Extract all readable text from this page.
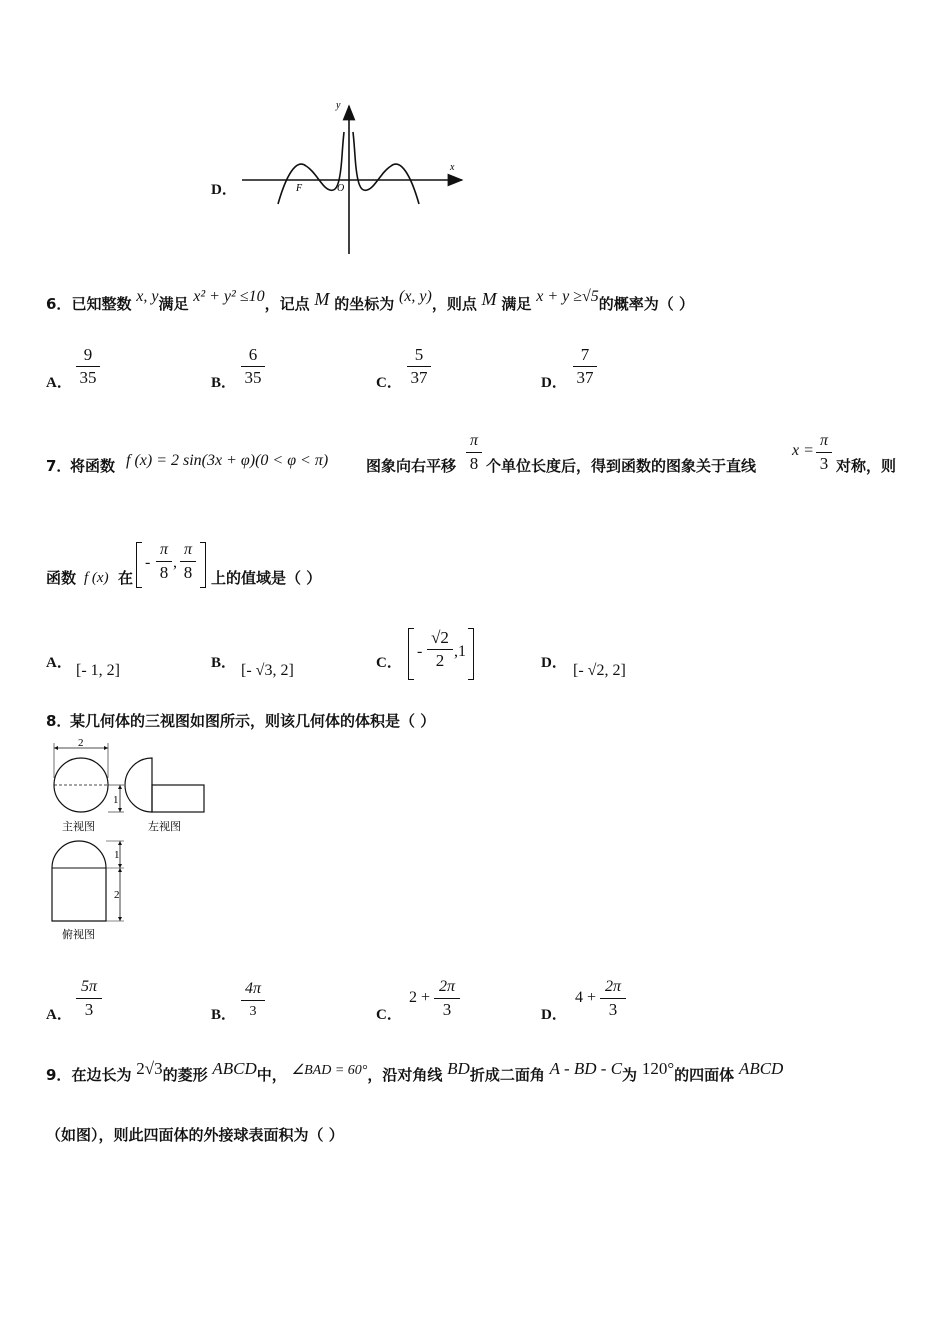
D．
y
x
O
F
6．已知整数 x, y满足 x² + y² ≤10，记点 M 的坐标为 (x, y)，则点 M 满足 x + y ≥√5的概率为（ ）
A．
9
35	B．
6
35	C．
5
37	D．
7
37
7．
将函数 f (x) = 2 sin(3x + φ)(0 < φ < π)	图象向右平移
π
8 个单位长度后，得到函数的图象关于直线
x =
π
3 对称，则
函数 f (x) 在
-
π
8
,
π
8 上的值域是（ ）
A． [- 1, 2]	B． [- √3, 2]	C．
-
√2
2 ,1
D． [- √2, 2]
8．
某几何体的三视图如图所示，则该几何体的体积是（ ）
2
1
主视图	左视图
1
2
俯视图
A．
5π
3	B．
4π
3	C．
2 +
2π
3	D．
4 +
2π
3
9．在边长为 2√3的菱形 ABCD中， ∠BAD = 60°，沿对角线 BD折成二面角 A - BD - C为 120°的四面体 ABCD
（如图），则此四面体的外接球表面积为（ ）
